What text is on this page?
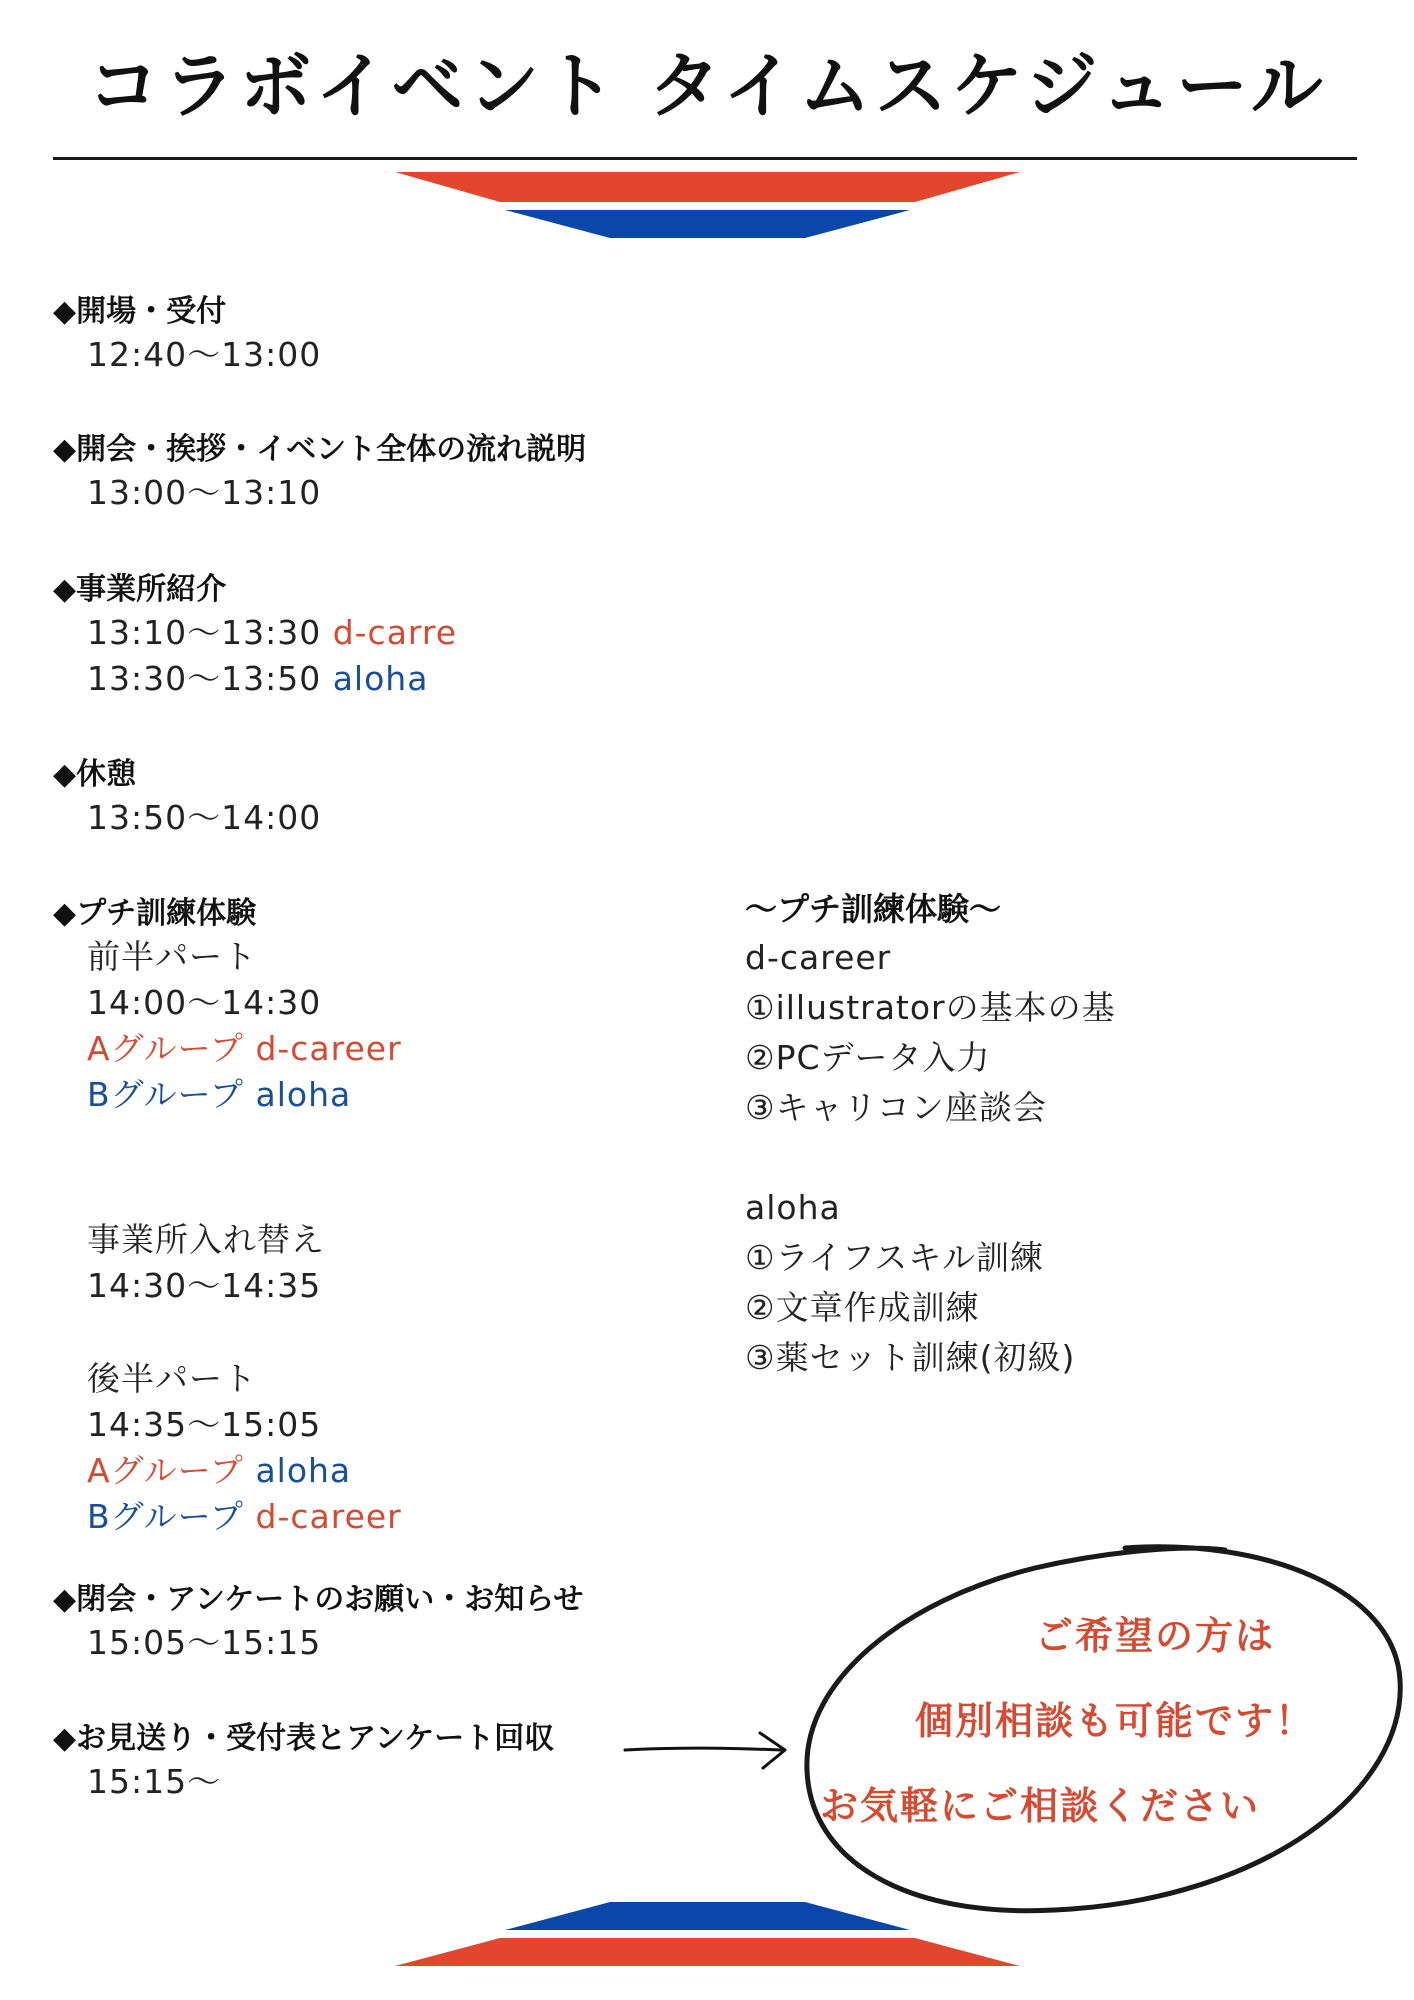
コラボイベント タイムスケジュール
◆開場・受付
12:40〜13:00
◆開会・挨拶・イベント全体の流れ説明
13:00〜13:10
◆事業所紹介
13:10〜13:30 d-carre
13:30〜13:50 aloha
◆休憩
13:50〜14:00
◆プチ訓練体験
前半パート
14:00〜14:30
Aグループ d-career
Bグループ aloha
事業所入れ替え
14:30〜14:35
後半パート
14:35〜15:05
Aグループ aloha
Bグループ d-career
◆閉会・アンケートのお願い・お知らせ
15:05〜15:15
◆お見送り・受付表とアンケート回収
15:15〜
〜プチ訓練体験〜
d-career
①illustratorの基本の基
②PCデータ入力
③キャリコン座談会
aloha
①ライフスキル訓練
②文章作成訓練
③薬セット訓練(初級)
ご希望の方は
個別相談も可能です！
お気軽にご相談ください
